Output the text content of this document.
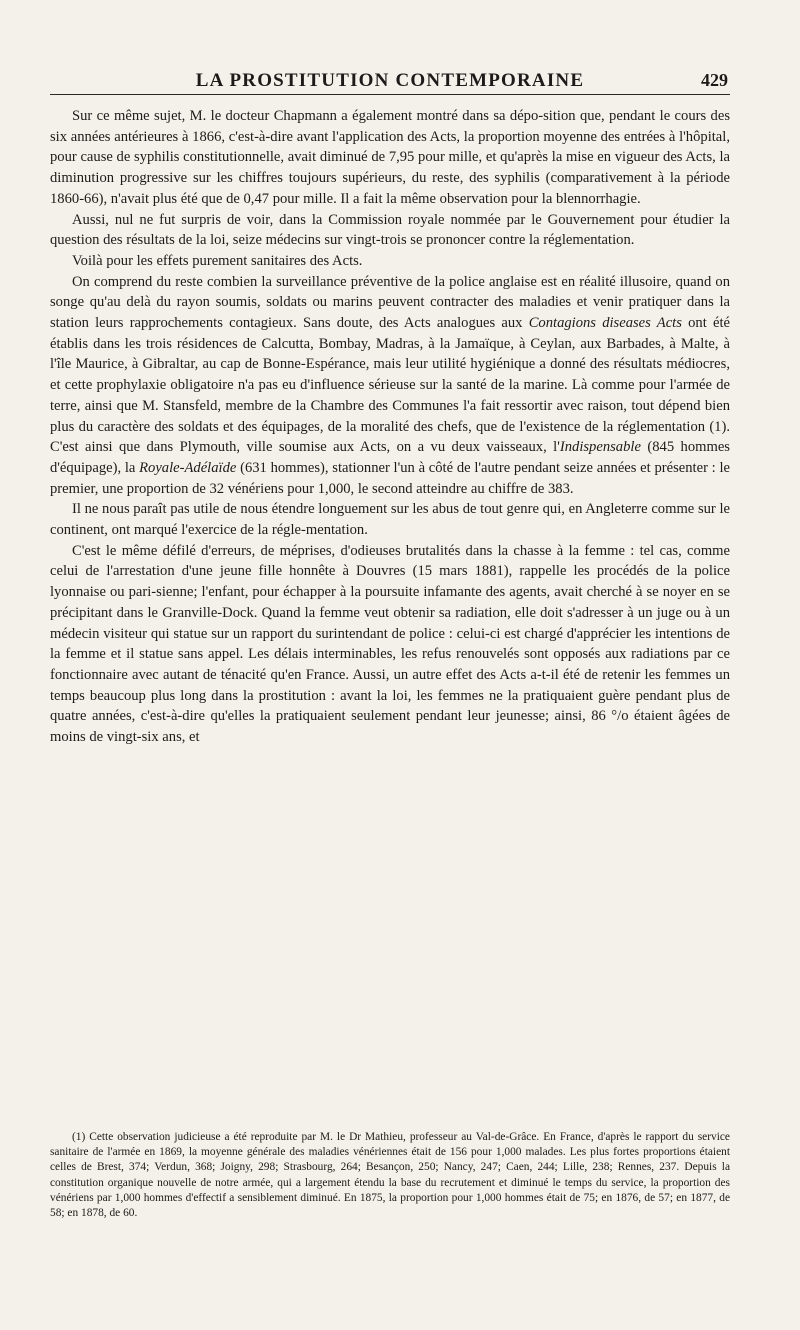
LA PROSTITUTION CONTEMPORAINE	429

Sur ce même sujet, M. le docteur Chapmann a également montré dans sa dépo-sition que, pendant le cours des six années antérieures à 1866, c'est-à-dire avant l'application des Acts, la proportion moyenne des entrées à l'hôpital, pour cause de syphilis constitutionnelle, avait diminué de 7,95 pour mille, et qu'après la mise en vigueur des Acts, la diminution progressive sur les chiffres toujours supérieurs, du reste, des syphilis (comparativement à la période 1860-66), n'avait plus été que de 0,47 pour mille. Il a fait la même observation pour la blennorrhagie.

Aussi, nul ne fut surpris de voir, dans la Commission royale nommée par le Gouvernement pour étudier la question des résultats de la loi, seize médecins sur vingt-trois se prononcer contre la réglementation.

Voilà pour les effets purement sanitaires des Acts.

On comprend du reste combien la surveillance préventive de la police anglaise est en réalité illusoire, quand on songe qu'au delà du rayon soumis, soldats ou marins peuvent contracter des maladies et venir pratiquer dans la station leurs rapprochements contagieux. Sans doute, des Acts analogues aux Contagions diseases Acts ont été établis dans les trois résidences de Calcutta, Bombay, Madras, à la Jamaïque, à Ceylan, aux Barbades, à Malte, à l'île Maurice, à Gibraltar, au cap de Bonne-Espérance, mais leur utilité hygiénique a donné des résultats médiocres, et cette prophylaxie obligatoire n'a pas eu d'influence sérieuse sur la santé de la marine. Là comme pour l'armée de terre, ainsi que M. Stansfeld, membre de la Chambre des Communes l'a fait ressortir avec raison, tout dépend bien plus du caractère des soldats et des équipages, de la moralité des chefs, que de l'existence de la réglementation (1). C'est ainsi que dans Plymouth, ville soumise aux Acts, on a vu deux vaisseaux, l'Indispensable (845 hommes d'équipage), la Royale-Adélaïde (631 hommes), stationner l'un à côté de l'autre pendant seize années et présenter : le premier, une proportion de 32 vénériens pour 1,000, le second atteindre au chiffre de 383.

Il ne nous paraît pas utile de nous étendre longuement sur les abus de tout genre qui, en Angleterre comme sur le continent, ont marqué l'exercice de la régle-mentation.

C'est le même défilé d'erreurs, de méprises, d'odieuses brutalités dans la chasse à la femme : tel cas, comme celui de l'arrestation d'une jeune fille honnête à Douvres (15 mars 1881), rappelle les procédés de la police lyonnaise ou pari-sienne; l'enfant, pour échapper à la poursuite infamante des agents, avait cherché à se noyer en se précipitant dans le Granville-Dock. Quand la femme veut obtenir sa radiation, elle doit s'adresser à un juge ou à un médecin visiteur qui statue sur un rapport du surintendant de police : celui-ci est chargé d'apprécier les intentions de la femme et il statue sans appel. Les délais interminables, les refus renouvelés sont opposés aux radiations par ce fonctionnaire avec autant de ténacité qu'en France. Aussi, un autre effet des Acts a-t-il été de retenir les femmes un temps beaucoup plus long dans la prostitution : avant la loi, les femmes ne la pratiquaient guère pendant plus de quatre années, c'est-à-dire qu'elles la pratiquaient seulement pendant leur jeunesse; ainsi, 86 °/o étaient âgées de moins de vingt-six ans, et

(1) Cette observation judicieuse a été reproduite par M. le Dr Mathieu, professeur au Val-de-Grâce. En France, d'après le rapport du service sanitaire de l'armée en 1869, la moyenne générale des maladies vénériennes était de 156 pour 1,000 malades. Les plus fortes proportions étaient celles de Brest, 374; Verdun, 368; Joigny, 298; Strasbourg, 264; Besançon, 250; Nancy, 247; Caen, 244; Lille, 238; Rennes, 237. Depuis la constitution organique nouvelle de notre armée, qui a largement étendu la base du recrutement et diminué le temps du service, la proportion des vénériens par 1,000 hommes d'effectif a sensiblement diminué. En 1875, la proportion pour 1,000 hommes était de 75; en 1876, de 57; en 1877, de 58; en 1878, de 60.
